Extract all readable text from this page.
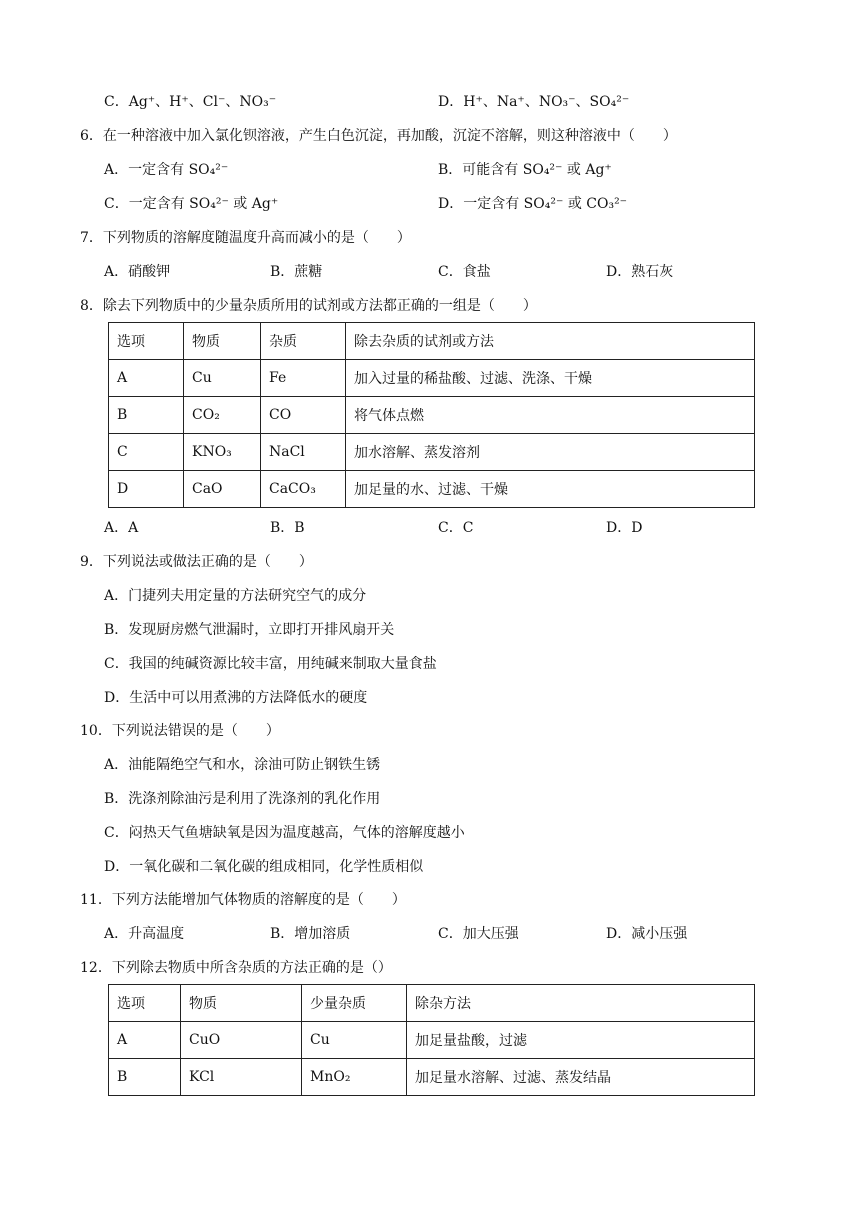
C．Ag⁺、H⁺、Cl⁻、NO₃⁻	D．H⁺、Na⁺、NO₃⁻、SO₄²⁻
6．在一种溶液中加入氯化钡溶液，产生白色沉淀，再加酸，沉淀不溶解，则这种溶液中（　　）
A．一定含有 SO₄²⁻	B．可能含有 SO₄²⁻ 或 Ag⁺
C．一定含有 SO₄²⁻ 或 Ag⁺	D．一定含有 SO₄²⁻ 或 CO₃²⁻
7．下列物质的溶解度随温度升高而减小的是（　　）
A．硝酸钾	B．蔗糖	C．食盐	D．熟石灰
8．除去下列物质中的少量杂质所用的试剂或方法都正确的一组是（　　）
选项	物质	杂质	除去杂质的试剂或方法
A	Cu	Fe	加入过量的稀盐酸、过滤、洗涤、干燥
B	CO₂	CO	将气体点燃
C	KNO₃	NaCl	加水溶解、蒸发溶剂
D	CaO	CaCO₃	加足量的水、过滤、干燥
A．A	B．B	C．C	D．D
9．下列说法或做法正确的是（　　）
A．门捷列夫用定量的方法研究空气的成分
B．发现厨房燃气泄漏时，立即打开排风扇开关
C．我国的纯碱资源比较丰富，用纯碱来制取大量食盐
D．生活中可以用煮沸的方法降低水的硬度
10．下列说法错误的是（　　）
A．油能隔绝空气和水，涂油可防止钢铁生锈
B．洗涤剂除油污是利用了洗涤剂的乳化作用
C．闷热天气鱼塘缺氧是因为温度越高，气体的溶解度越小
D．一氧化碳和二氧化碳的组成相同，化学性质相似
11．下列方法能增加气体物质的溶解度的是（　　）
A．升高温度	B．增加溶质	C．加大压强	D．减小压强
12．下列除去物质中所含杂质的方法正确的是（）
选项	物质	少量杂质	除杂方法
A	CuO	Cu	加足量盐酸，过滤
B	KCl	MnO₂	加足量水溶解、过滤、蒸发结晶
